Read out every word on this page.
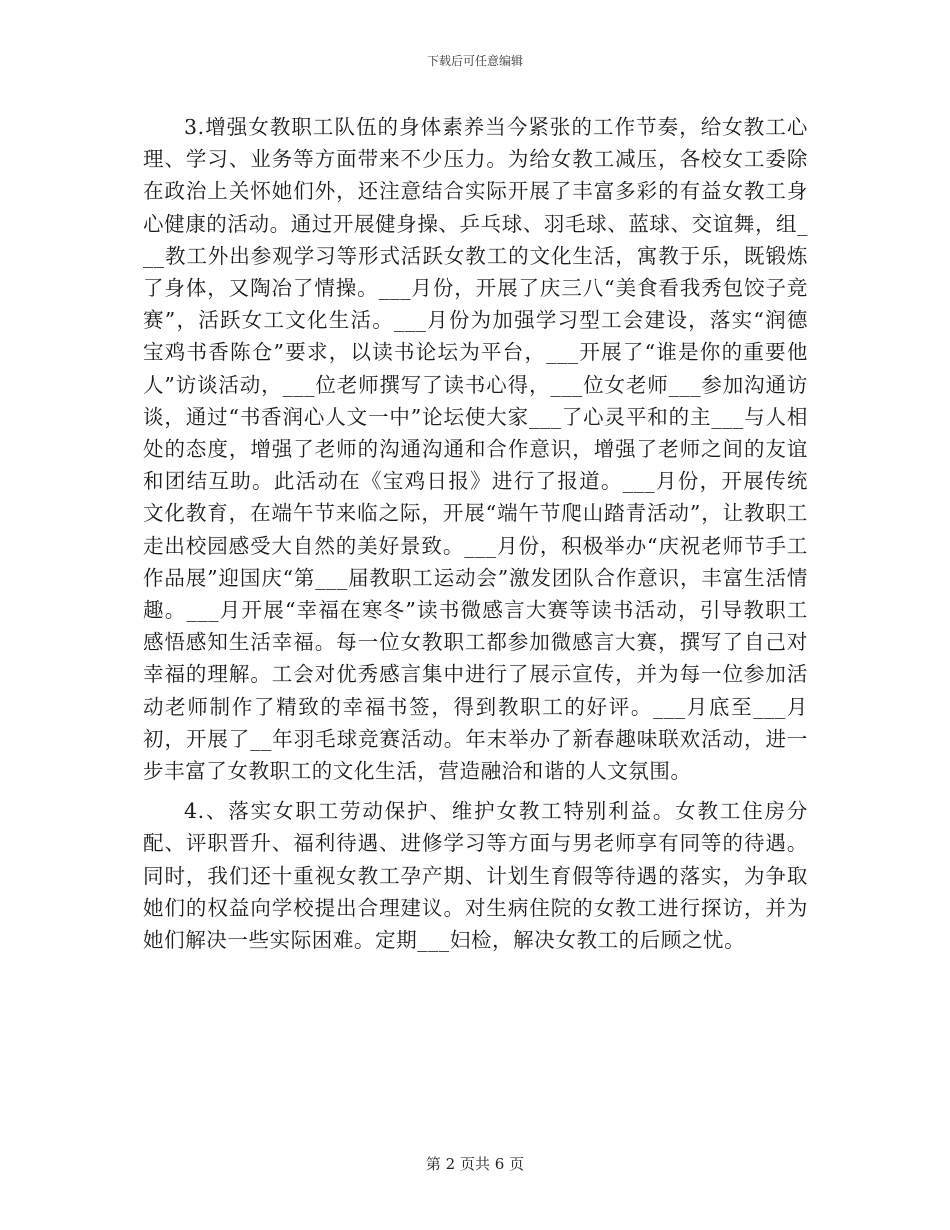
下载后可任意编辑

3.增强女教职工队伍的身体素养当今紧张的工作节奏，给女教工心理、学习、业务等方面带来不少压力。为给女教工减压，各校女工委除在政治上关怀她们外，还注意结合实际开展了丰富多彩的有益女教工身心健康的活动。通过开展健身操、乒乓球、羽毛球、蓝球、交谊舞，组___教工外出参观学习等形式活跃女教工的文化生活，寓教于乐，既锻炼了身体，又陶冶了情操。___月份，开展了庆三八“美食看我秀包饺子竞赛”，活跃女工文化生活。___月份为加强学习型工会建设，落实“润德宝鸡书香陈仓”要求，以读书论坛为平台，___开展了“谁是你的重要他人”访谈活动，___位老师撰写了读书心得，___位女老师___参加沟通访谈，通过“书香润心人文一中”论坛使大家___了心灵平和的主___与人相处的态度，增强了老师的沟通沟通和合作意识，增强了老师之间的友谊和团结互助。此活动在《宝鸡日报》进行了报道。___月份，开展传统文化教育，在端午节来临之际，开展“端午节爬山踏青活动”，让教职工走出校园感受大自然的美好景致。___月份，积极举办“庆祝老师节手工作品展”迎国庆“第___届教职工运动会”激发团队合作意识，丰富生活情趣。___月开展“幸福在寒冬”读书微感言大赛等读书活动，引导教职工感悟感知生活幸福。每一位女教职工都参加微感言大赛，撰写了自己对幸福的理解。工会对优秀感言集中进行了展示宣传，并为每一位参加活动老师制作了精致的幸福书签，得到教职工的好评。___月底至___月初，开展了__年羽毛球竞赛活动。年末举办了新春趣味联欢活动，进一步丰富了女教职工的文化生活，营造融洽和谐的人文氛围。

4.、落实女职工劳动保护、维护女教工特别利益。女教工住房分配、评职晋升、福利待遇、进修学习等方面与男老师享有同等的待遇。同时，我们还十重视女教工孕产期、计划生育假等待遇的落实，为争取她们的权益向学校提出合理建议。对生病住院的女教工进行探访，并为她们解决一些实际困难。定期___妇检，解决女教工的后顾之忧。

第 2 页共 6 页
